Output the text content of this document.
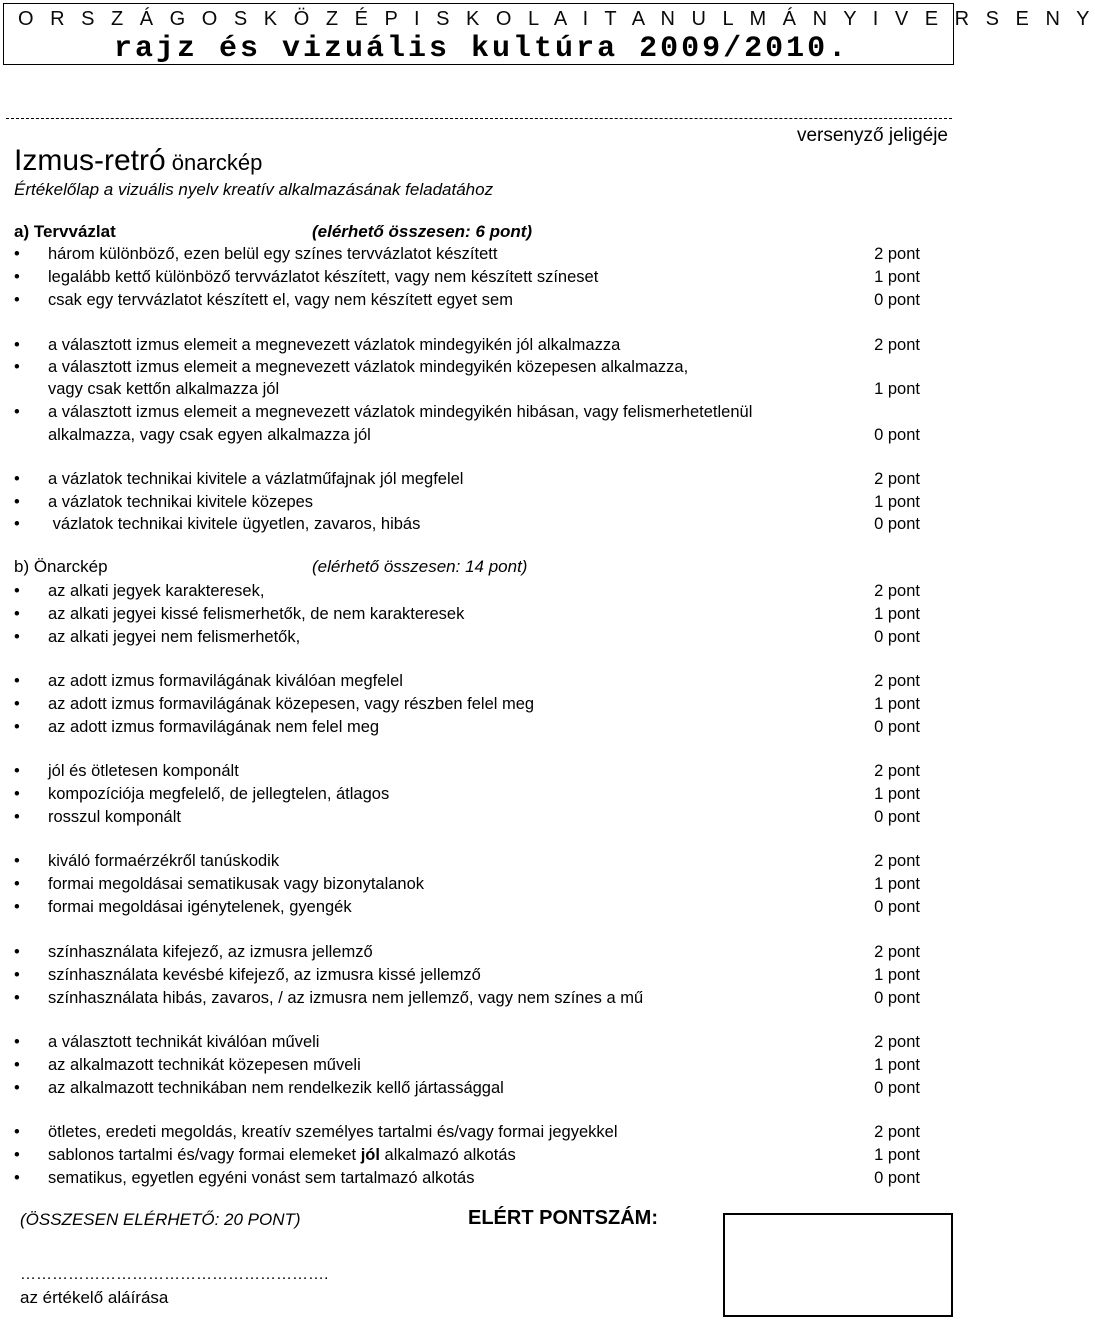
O R S Z Á G O S K Ö Z É P I S K O L A I T A N U L M Á N Y I V E R S E N Y
rajz és vizuális kultúra 2009/2010.
versenyző jeligéje
Izmus-retró önarckép
Értékelőlap a vizuális nyelv kreatív alkalmazásának feladatához
a) Tervvázlat	(elérhető összesen: 6 pont)
• három különböző, ezen belül egy színes tervvázlatot készített	2 pont
• legalább kettő különböző tervvázlatot készített, vagy nem készített színeset	1 pont
• csak egy tervvázlatot készített el, vagy nem készített egyet sem	0 pont
• a választott izmus elemeit a megnevezett vázlatok mindegyikén jól alkalmazza	2 pont
• a választott izmus elemeit a megnevezett vázlatok mindegyikén közepesen alkalmazza,
vagy csak kettőn alkalmazza jól	1 pont
• a választott izmus elemeit a megnevezett vázlatok mindegyikén hibásan, vagy felismerhetetlenül
alkalmazza, vagy csak egyen alkalmazza jól	0 pont
• a vázlatok technikai kivitele a vázlatműfajnak jól megfelel	2 pont
• a vázlatok technikai kivitele közepes	1 pont
• vázlatok technikai kivitele ügyetlen, zavaros, hibás	0 pont
b) Önarckép	(elérhető összesen: 14 pont)
• az alkati jegyek karakteresek,	2 pont
• az alkati jegyei kissé felismerhetők, de nem karakteresek	1 pont
• az alkati jegyei nem felismerhetők,	0 pont
• az adott izmus formavilágának kiválóan megfelel	2 pont
• az adott izmus formavilágának közepesen, vagy részben felel meg	1 pont
• az adott izmus formavilágának nem felel meg	0 pont
• jól és ötletesen komponált	2 pont
• kompozíciója megfelelő, de jellegtelen, átlagos	1 pont
• rosszul komponált	0 pont
• kiváló formaérzékről tanúskodik	2 pont
• formai megoldásai sematikusak vagy bizonytalanok	1 pont
• formai megoldásai igénytelenek, gyengék	0 pont
• színhasználata kifejező, az izmusra jellemző	2 pont
• színhasználata kevésbé kifejező, az izmusra kissé jellemző	1 pont
• színhasználata hibás, zavaros, / az izmusra nem jellemző, vagy nem színes a mű	0 pont
• a választott technikát kiválóan műveli	2 pont
• az alkalmazott technikát közepesen műveli	1 pont
• az alkalmazott technikában nem rendelkezik kellő jártassággal	0 pont
• ötletes, eredeti megoldás, kreatív személyes tartalmi és/vagy formai jegyekkel	2 pont
• sablonos tartalmi és/vagy formai elemeket jól alkalmazó alkotás	1 pont
• sematikus, egyetlen egyéni vonást sem tartalmazó alkotás	0 pont
(ÖSSZESEN ELÉRHETŐ: 20 PONT)	ELÉRT PONTSZÁM:
………………………………………………….
az értékelő aláírása
